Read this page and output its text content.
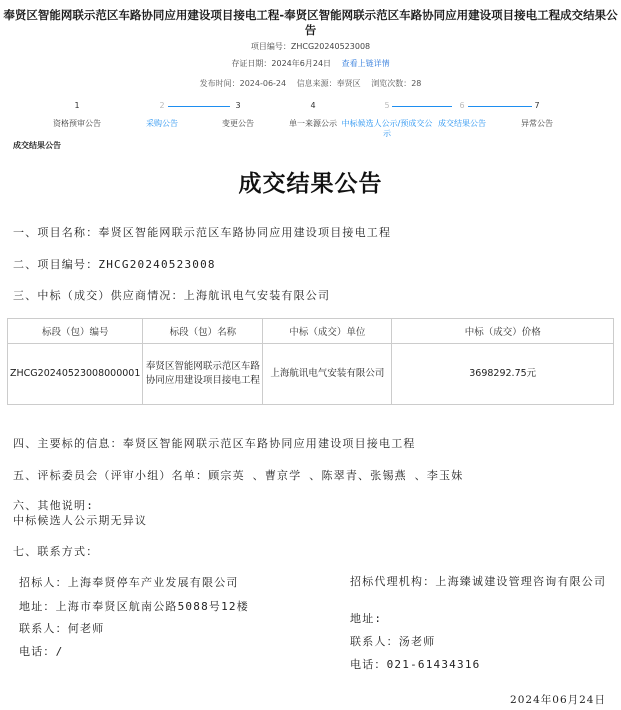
奉贤区智能网联示范区车路协同应用建设项目接电工程-奉贤区智能网联示范区车路协同应用建设项目接电工程成交结果公告
项目编号：ZHCG20240523008
存证日期：2024年6月24日 查看上链详情
发布时间：2024-06-24 信息来源：奉贤区 浏览次数：28
1
资格预审公告
2
采购公告
3
变更公告
4
单一来源公示
5
中标候选人公示/预成交公示
6
成交结果公告
7
异常公告
成交结果公告
成交结果公告
一、项目名称：奉贤区智能网联示范区车路协同应用建设项目接电工程
二、项目编号：ZHCG20240523008
三、中标（成交）供应商情况：上海航讯电气安装有限公司
标段（包）编号	标段（包）名称	中标（成交）单位	中标（成交）价格
ZHCG20240523008000001	奉贤区智能网联示范区车路协同应用建设项目接电工程	上海航讯电气安装有限公司	3698292.75元
四、主要标的信息：奉贤区智能网联示范区车路协同应用建设项目接电工程
五、评标委员会（评审小组）名单：顾宗英 、曹京学 、陈翠青、张锡燕 、李玉妹
六、其他说明:
中标候选人公示期无异议
七、联系方式：
招标人：上海奉贤停车产业发展有限公司
地址：上海市奉贤区航南公路5088号12楼
联系人：何老师
电话：/
招标代理机构：上海臻诚建设管理咨询有限公司
地址:
联系人：汤老师
电话：021-61434316
2024年06月24日
